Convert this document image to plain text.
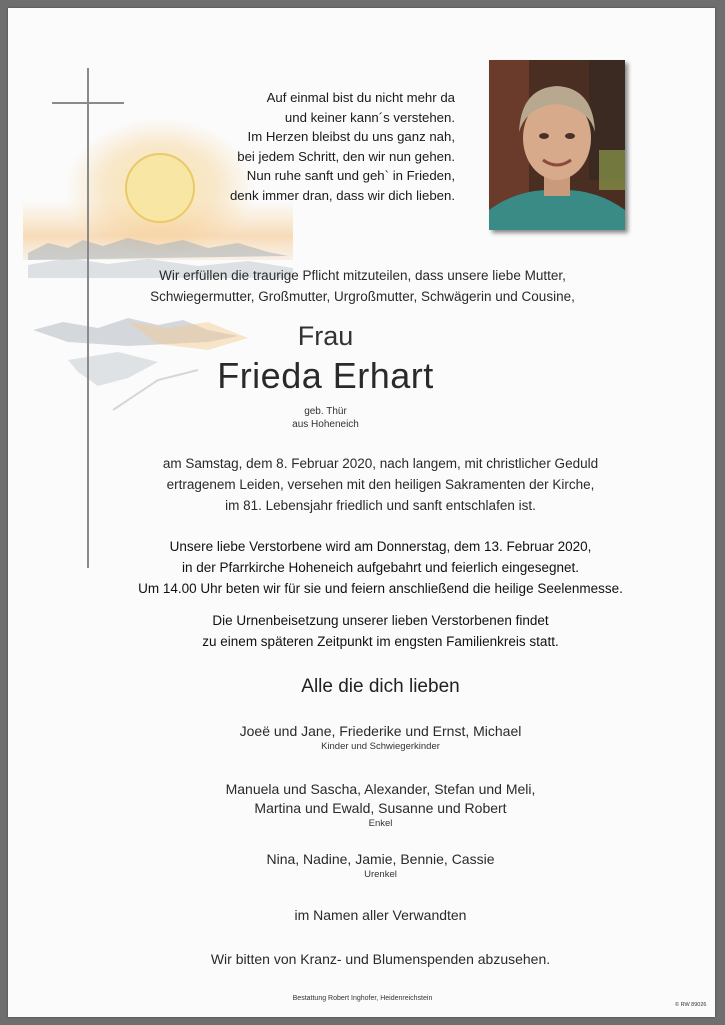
Auf einmal bist du nicht mehr da
und keiner kann´s verstehen.
Im Herzen bleibst du uns ganz nah,
bei jedem Schritt, den wir nun gehen.
Nun ruhe sanft und geh` in Frieden,
denk immer dran, dass wir dich lieben.
Wir erfüllen die traurige Pflicht mitzuteilen, dass unsere liebe Mutter,
Schwiegermutter, Großmutter, Urgroßmutter, Schwägerin und Cousine,
Frau
Frieda Erhart
geb. Thür
aus Hoheneich
am Samstag, dem 8. Februar 2020, nach langem, mit christlicher Geduld
ertragenem Leiden, versehen mit den heiligen Sakramenten der Kirche,
im 81. Lebensjahr friedlich und sanft entschlafen ist.
Unsere liebe Verstorbene wird am Donnerstag, dem 13. Februar 2020,
in der Pfarrkirche Hoheneich aufgebahrt und feierlich eingesegnet.
Um 14.00 Uhr beten wir für sie und feiern anschließend die heilige Seelenmesse.
Die Urnenbeisetzung unserer lieben Verstorbenen findet
zu einem späteren Zeitpunkt im engsten Familienkreis statt.
Alle die dich lieben
Joeë und Jane, Friederike und Ernst, Michael
Kinder und Schwiegerkinder
Manuela und Sascha, Alexander, Stefan und Meli,
Martina und Ewald, Susanne und Robert
Enkel
Nina, Nadine, Jamie, Bennie, Cassie
Urenkel
im Namen aller Verwandten
Wir bitten von Kranz- und Blumenspenden abzusehen.
Bestattung Robert Inghofer, Heidenreichstein
© RW 89026
